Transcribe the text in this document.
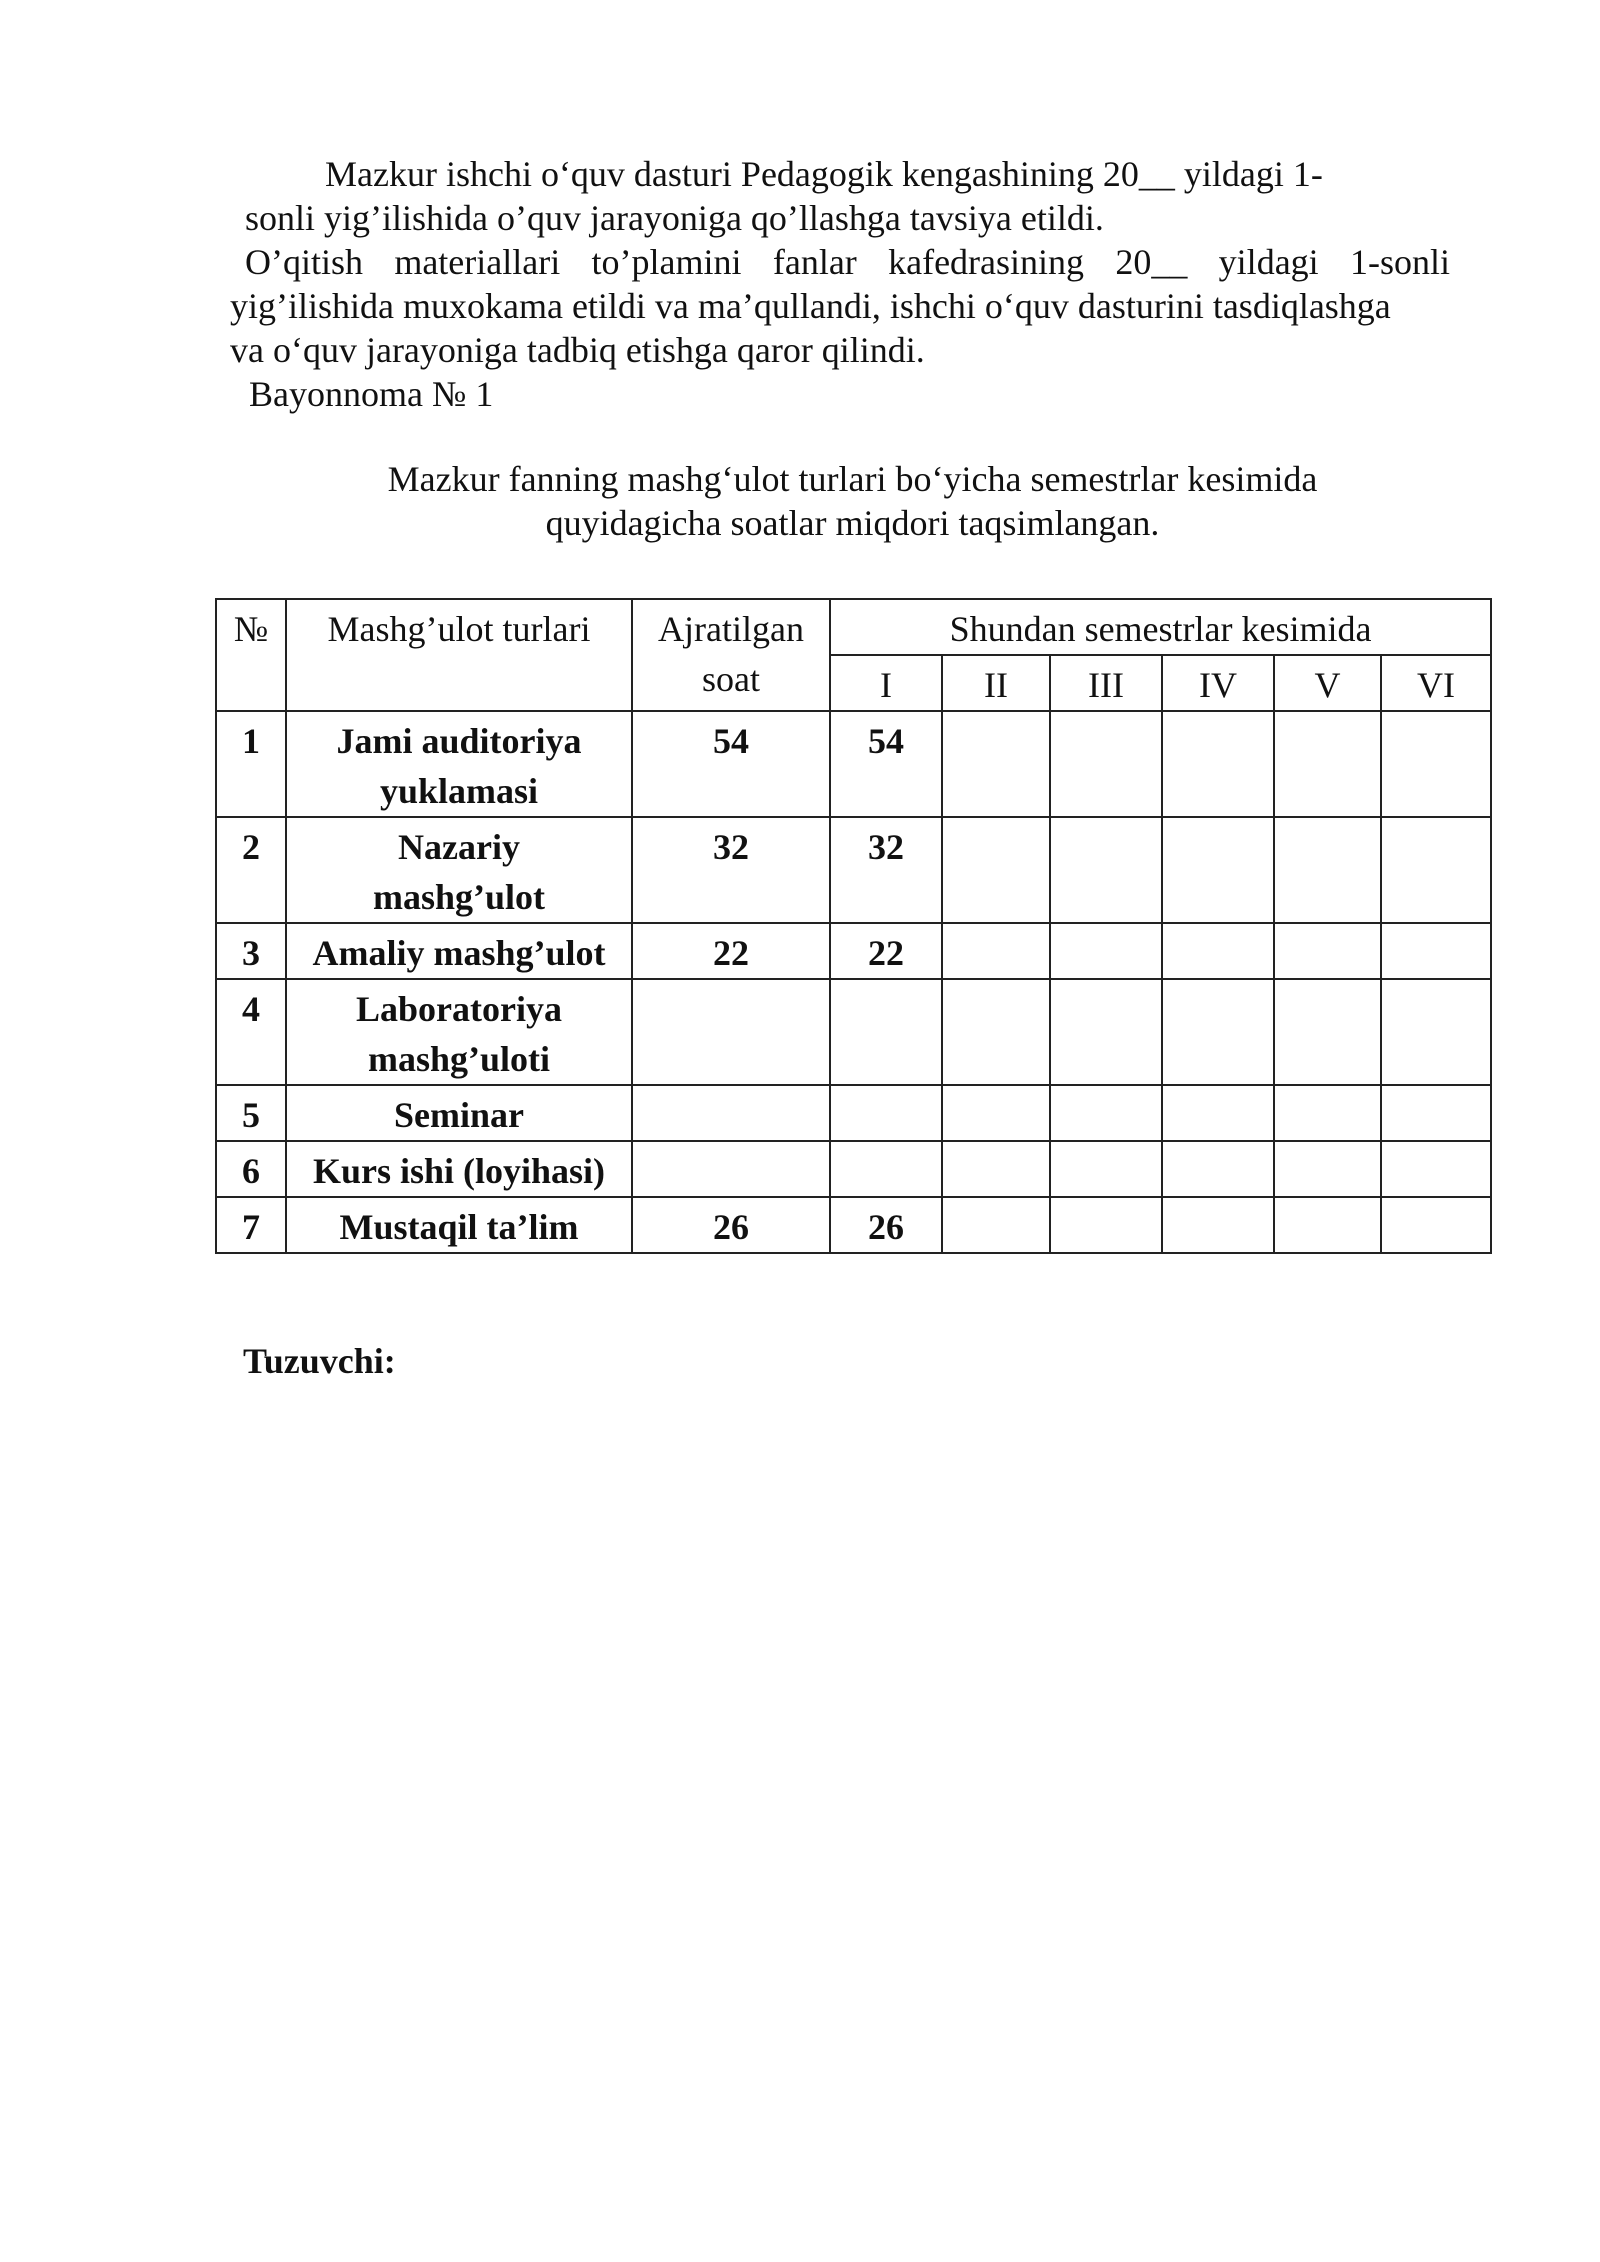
Mazkur ishchi o‘quv dasturi Pedagogik kengashining 20__ yildagi 1-
sonli yig’ilishida o’quv jarayoniga qo’llashga tavsiya etildi.
O’qitish materiallari to’plamini fanlar kafedrasining 20__ yildagi 1-sonli
yig’ilishida muxokama etildi va ma’qullandi, ishchi o‘quv dasturini tasdiqlashga
va o‘quv jarayoniga tadbiq etishga qaror qilindi.
Bayonnoma № 1
Mazkur fanning mashg‘ulot turlari bo‘yicha semestrlar kesimida
quyidagicha soatlar miqdori taqsimlangan.
№	Mashg’ulot turlari	Ajratilgan soat	Shundan semestrlar kesimida					
			I	II	III	IV	V	VI
1	Jami auditoriya yuklamasi	54	54					
2	Nazariy mashg’ulot	32	32					
3	Amaliy mashg’ulot	22	22					
4	Laboratoriya mashg’uloti							
5	Seminar							
6	Kurs ishi (loyihasi)							
7	Mustaqil ta’lim	26	26					
Tuzuvchi:
